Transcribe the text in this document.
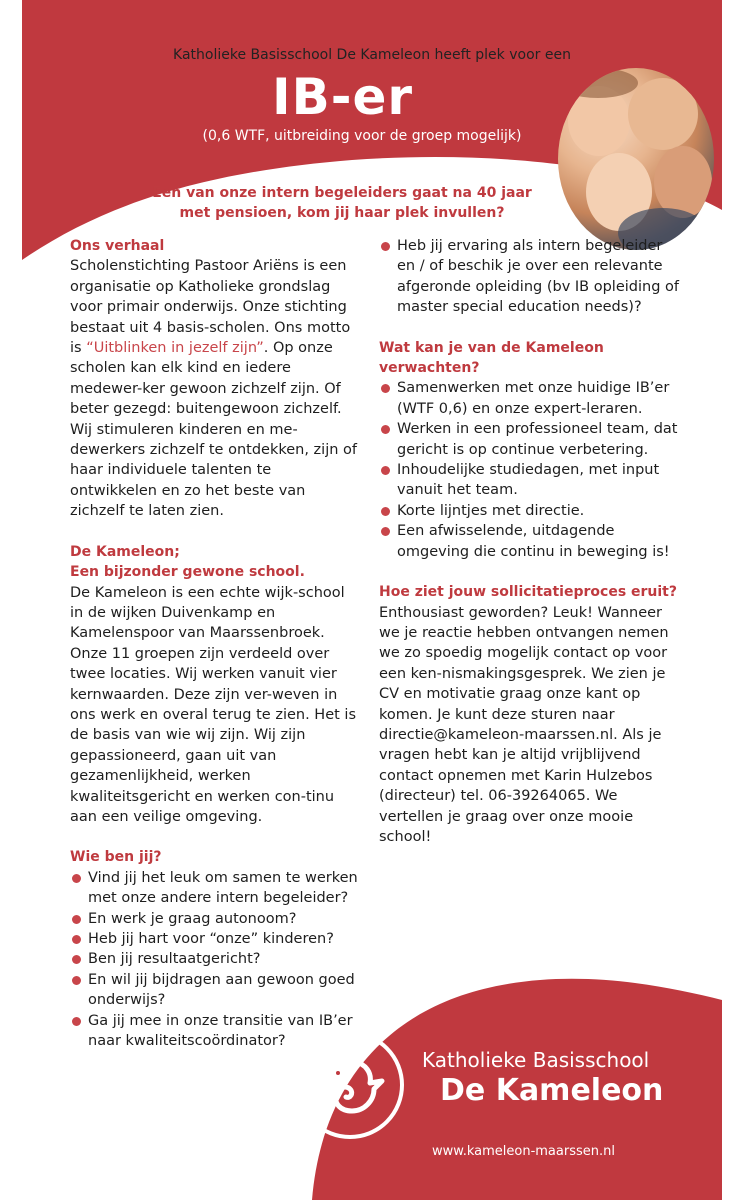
Katholieke Basisschool De Kameleon heeft plek voor een
IB-er
(0,6 WTF, uitbreiding voor de groep mogelijk)
Een van onze intern begeleiders gaat na 40 jaar
met pensioen, kom jij haar plek invullen?
Ons verhaal

Scholenstichting Pastoor Ariëns is een organisatie op Katholieke grondslag voor primair onderwijs. Onze stichting bestaat uit 4 basis-scholen. Ons motto is “Uitblinken in jezelf zijn”. Op onze scholen kan elk kind en iedere medewer-ker gewoon zichzelf zijn. Of beter gezegd: buitengewoon zichzelf. Wij stimuleren kinderen en me-dewerkers zichzelf te ontdekken, zijn of haar individuele talenten te ontwikkelen en zo het beste van zichzelf te laten zien.

De Kameleon;
Een bijzonder gewone school.

De Kameleon is een echte wijk-school in de wijken Duivenkamp en Kamelenspoor van Maarssenbroek. Onze 11 groepen zijn verdeeld over twee locaties. Wij werken vanuit vier kernwaarden. Deze zijn ver-weven in ons werk en overal terug te zien. Het is de basis van wie wij zijn. Wij zijn gepassioneerd, gaan uit van gezamenlijkheid, werken kwaliteitsgericht en werken con-tinu aan een veilige omgeving.

Wie ben jij?
Vind jij het leuk om samen te werken met onze andere intern begeleider?
En werk je graag autonoom?
Heb jij hart voor “onze” kinderen?
Ben jij resultaatgericht?
En wil jij bijdragen aan gewoon goed onderwijs?
Ga jij mee in onze transitie van IB’er naar kwaliteitscoördinator?
Heb jij ervaring als intern begeleider en / of beschik je over een relevante afgeronde opleiding (bv IB opleiding of master special education needs)?
Wat kan je van de Kameleon verwachten?
Samenwerken met onze huidige IB’er (WTF 0,6) en onze expert-leraren.
Werken in een professioneel team, dat gericht is op continue verbetering.
Inhoudelijke studiedagen, met input vanuit het team.
Korte lijntjes met directie.
Een afwisselende, uitdagende omgeving die continu in beweging is!
Hoe ziet jouw sollicitatieproces eruit?

Enthousiast geworden? Leuk! Wanneer we je reactie hebben ontvangen nemen we zo spoedig mogelijk contact op voor een ken-nismakingsgesprek. We zien je CV en motivatie graag onze kant op komen. Je kunt deze sturen naar directie@kameleon-maarssen.nl. Als je vragen hebt kan je altijd vrijblijvend contact opnemen met Karin Hulzebos (directeur) tel. 06-39264065. We vertellen je graag over onze mooie school!

Katholieke Basisschool
De Kameleon
www.kameleon-maarssen.nl
